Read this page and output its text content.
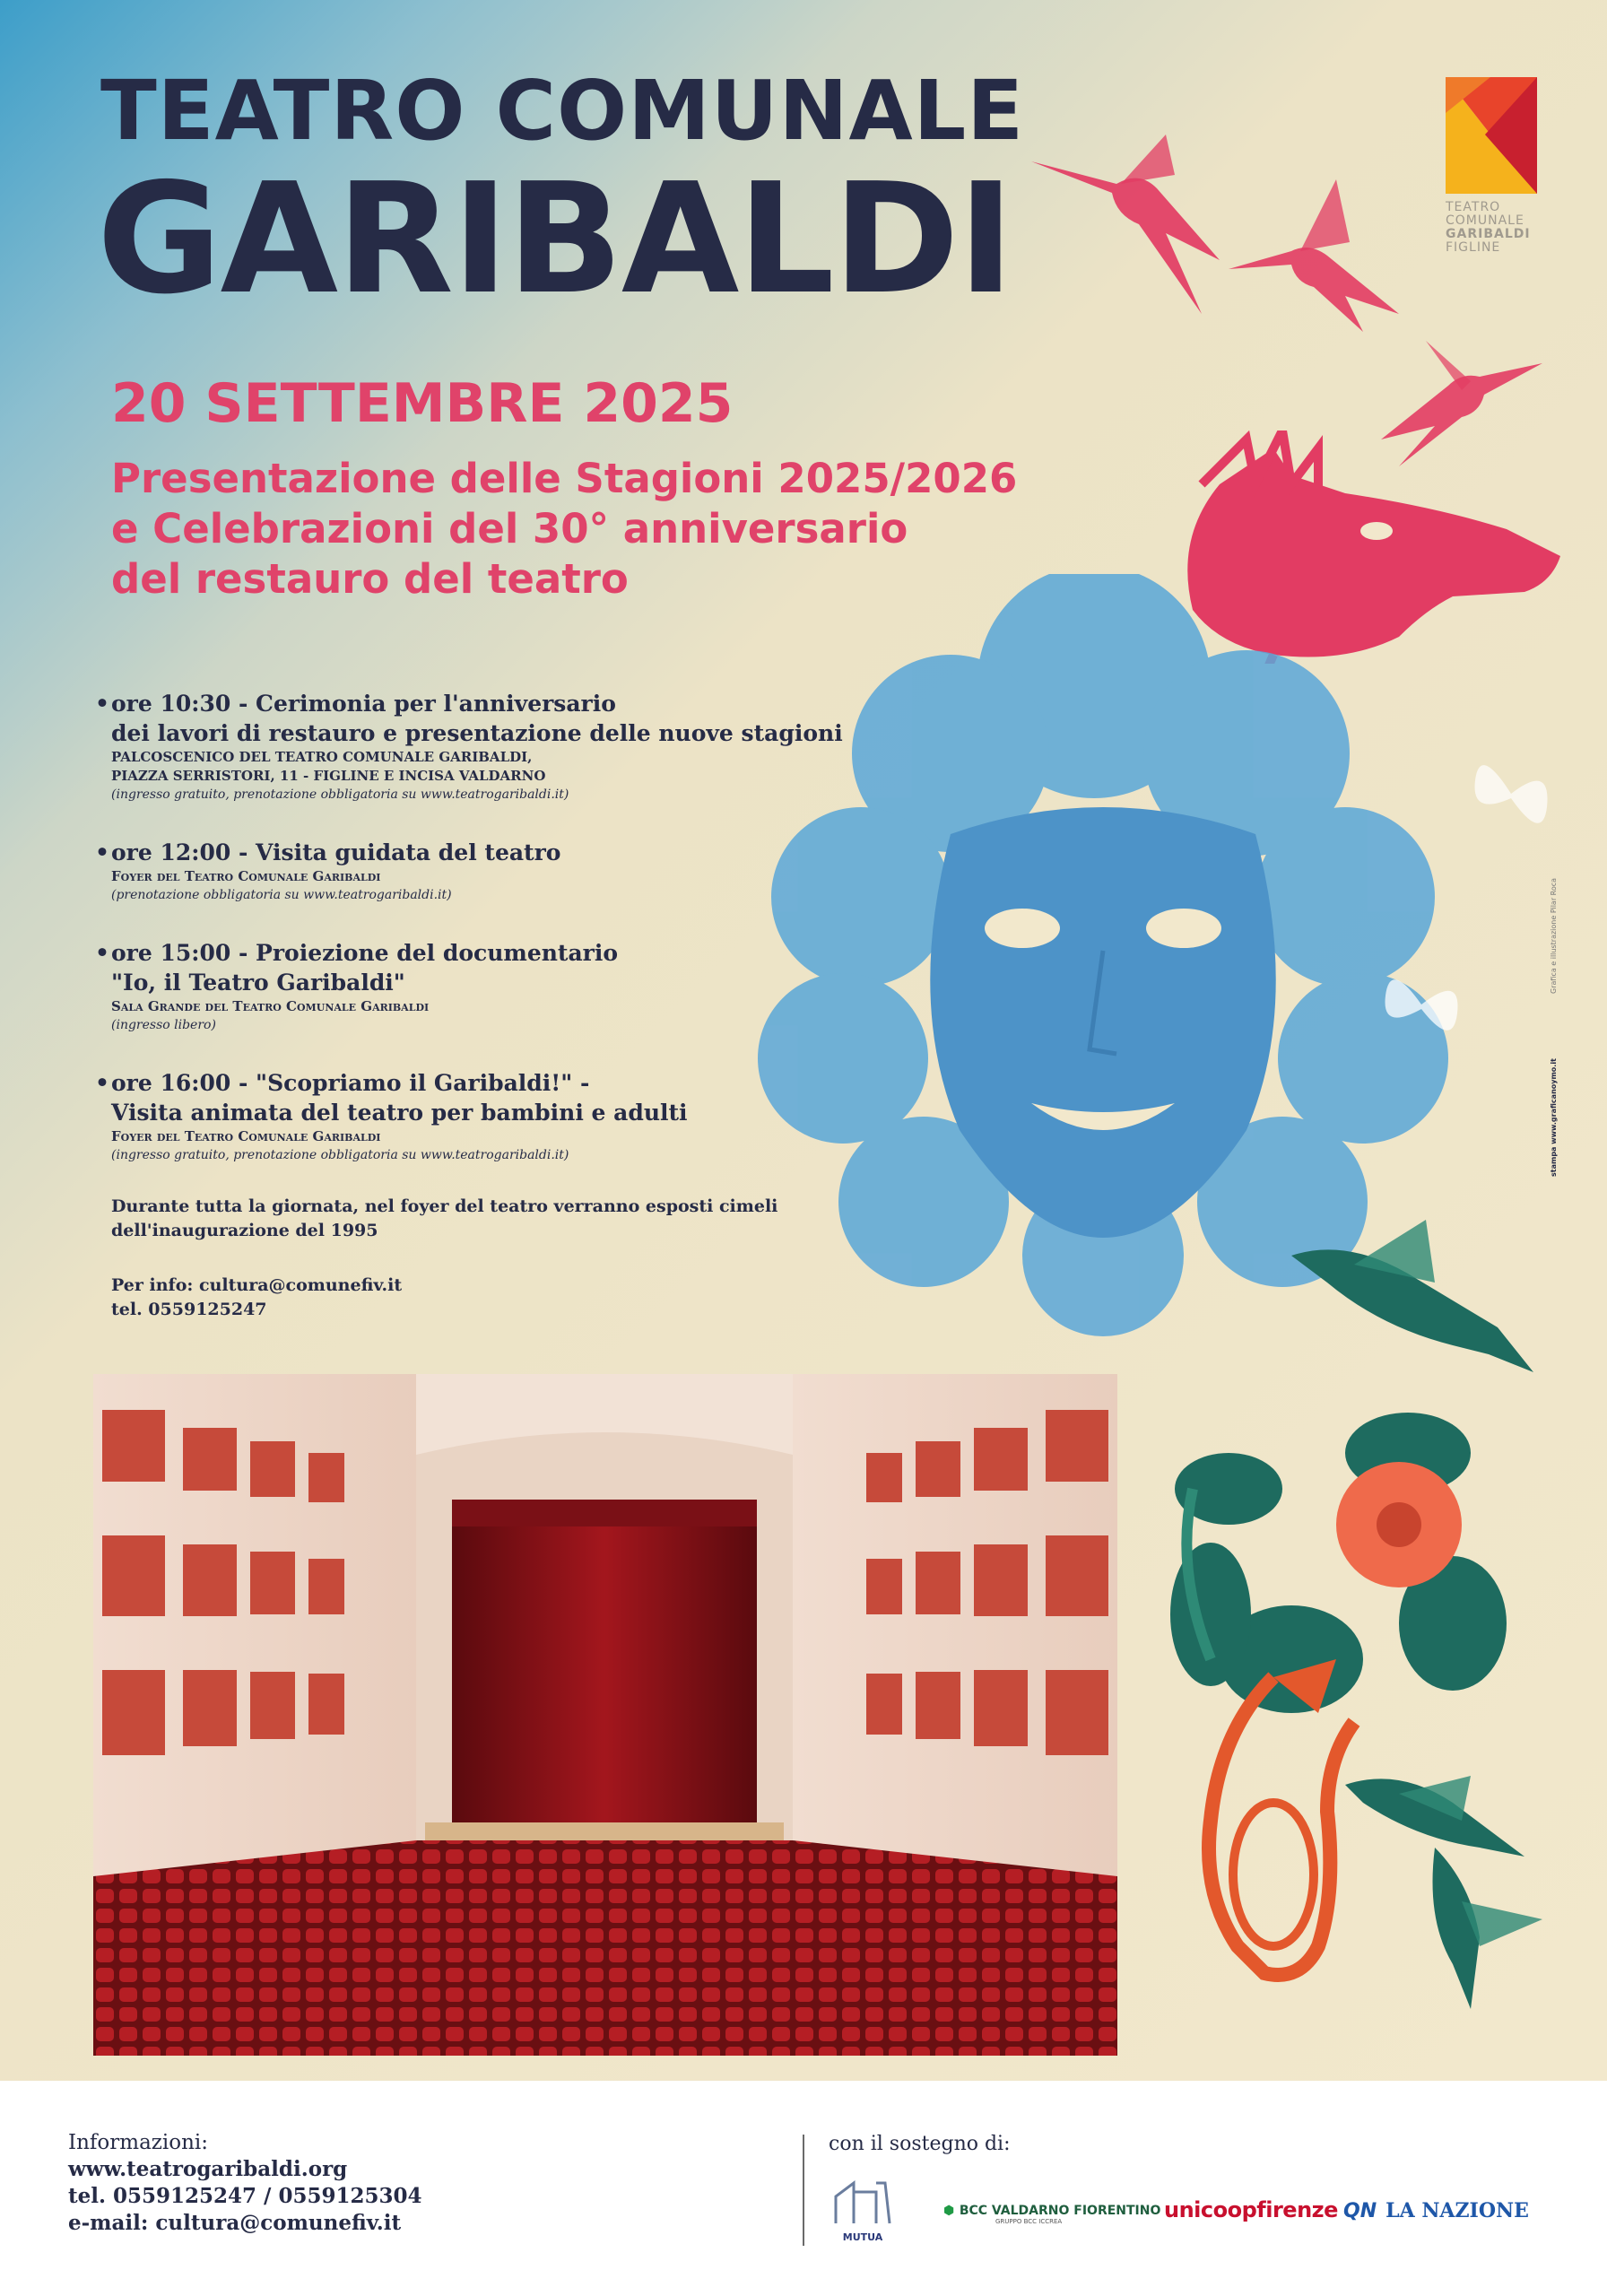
TEATRO COMUNALE
GARIBALDI
20 SETTEMBRE 2025
Presentazione delle Stagioni 2025/2026
e Celebrazioni del 30° anniversario
del restauro del teatro
TEATRO
COMUNALE
GARIBALDI
FIGLINE
•ore 10:30 - Cerimonia per l'anniversario
dei lavori di restauro e presentazione delle nuove stagioni
PALCOSCENICO DEL TEATRO COMUNALE GARIBALDI,
PIAZZA SERRISTORI, 11 - FIGLINE E INCISA VALDARNO
(ingresso gratuito, prenotazione obbligatoria su www.teatrogaribaldi.it)
•ore 12:00 - Visita guidata del teatro
Foyer del Teatro Comunale Garibaldi
(prenotazione obbligatoria su www.teatrogaribaldi.it)
•ore 15:00 - Proiezione del documentario
"Io, il Teatro Garibaldi"
Sala Grande del Teatro Comunale Garibaldi
(ingresso libero)
•ore 16:00 - "Scopriamo il Garibaldi!" -
Visita animata del teatro per bambini e adulti
Foyer del Teatro Comunale Garibaldi
(ingresso gratuito, prenotazione obbligatoria su www.teatrogaribaldi.it)
Durante tutta la giornata, nel foyer del teatro verranno esposti cimeli
dell'inaugurazione del 1995
Per info: cultura@comunefiv.it
tel. 0559125247
Grafica e illustrazione Pilar Roca
stampa www.graficanoymo.it
Informazioni:
www.teatrogaribaldi.org
tel. 0559125247 / 0559125304
e-mail: cultura@comunefiv.it
con il sostegno di:
MUTUA
⬢ BCC VALDARNO FIORENTINO
GRUPPO BCC ICCREA	unicoopfirenze QN LA NAZIONE
